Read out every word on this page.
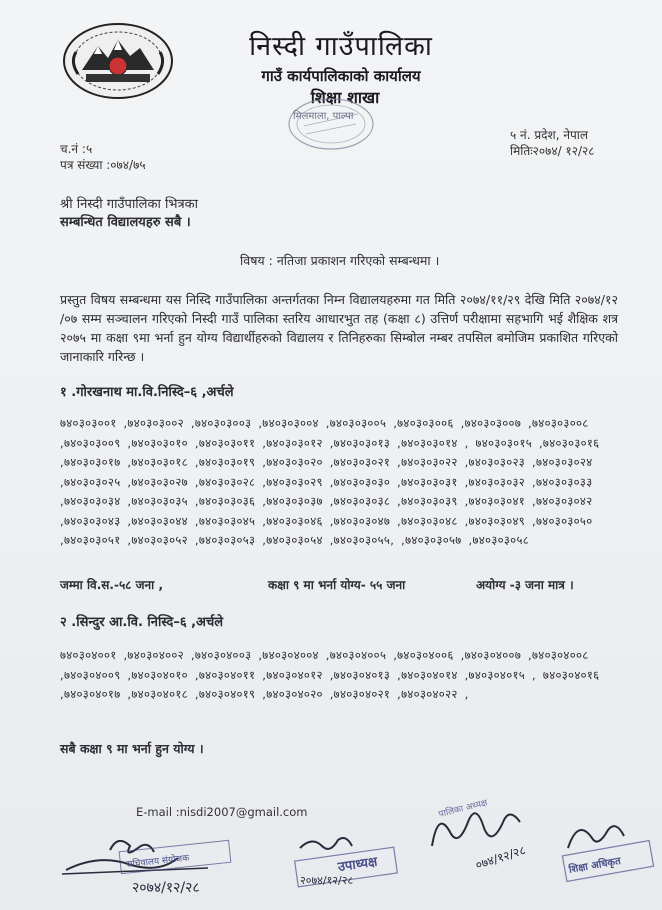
निस्दी गाउँपालिका
गाउँ कार्यपालिकाको कार्यालय
शिक्षा शाखा
मिलमाला, पाल्पा
च.नं :५
पत्र संख्या :०७४/७५
५ नं. प्रदेश, नेपाल
मितिः२०७४/ १२/२८
श्री निस्दी गाउँपालिका भित्रका
सम्बन्धित विद्यालयहरु सबै ।
विषय : नतिजा प्रकाशन गरिएको सम्बन्धमा ।
प्रस्तुत विषय सम्बन्धमा यस निस्दि गाउँपालिका अन्तर्गतका निम्न विद्यालयहरुमा गत मिति २०७४/११/२९ देखि मिति २०७४/१२ /०७ सम्म सञ्चालन गरिएको निस्दी गाउँ पालिका स्तरिय आधारभुत तह (कक्षा ८) उत्तिर्ण परीक्षामा सहभागि भई शैक्षिक शत्र २०७५ मा कक्षा ९मा भर्ना हुन योग्य विद्यार्थीहरुको विद्यालय र तिनिहरुका सिम्बोल नम्बर तपसिल बमोजिम प्रकाशित गरिएको जानाकारि गरिन्छ ।
१ .गोरखनाथ मा.वि.निस्दि–६ ,अर्चले
७४०३०३००१ ,७४०३०३००२ ,७४०३०३००३ ,७४०३०३००४ ,७४०३०३००५ ,७४०३०३००६ ,७४०३०३००७ ,७४०३०३००८ ,७४०३०३००९ ,७४०३०३०१० ,७४०३०३०११ ,७४०३०३०१२ ,७४०३०३०१३ ,७४०३०३०१४ , ७४०३०३०१५ ,७४०३०३०१६ ,७४०३०३०१७ ,७४०३०३०१८ ,७४०३०३०१९ ,७४०३०३०२० ,७४०३०३०२१ ,७४०३०३०२२ ,७४०३०३०२३ ,७४०३०३०२४ ,७४०३०३०२५ ,७४०३०३०२७ ,७४०३०३०२८ ,७४०३०३०२९ ,७४०३०३०३० ,७४०३०३०३१ ,७४०३०३०३२ ,७४०३०३०३३ ,७४०३०३०३४ ,७४०३०३०३५ ,७४०३०३०३६ ,७४०३०३०३७ ,७४०३०३०३८ ,७४०३०३०३९ ,७४०३०३०४१ ,७४०३०३०४२ ,७४०३०३०४३ ,७४०३०३०४४ ,७४०३०३०४५ ,७४०३०३०४६ ,७४०३०३०४७ ,७४०३०३०४८ ,७४०३०३०४९ ,७४०३०३०५० ,७४०३०३०५१ ,७४०३०३०५२ ,७४०३०३०५३ ,७४०३०३०५४ ,७४०३०३०५५, ,७४०३०३०५७ ,७४०३०३०५८
जम्मा वि.स.-५८ जना ,	कक्षा ९ मा भर्ना योग्य- ५५ जना	अयोग्य -३ जना मात्र ।
२ .सिन्दुर आ.वि. निस्दि–६ ,अर्चले
७४०३०४००१ ,७४०३०४००२ ,७४०३०४००३ ,७४०३०४००४ ,७४०३०४००५ ,७४०३०४००६ ,७४०३०४००७ ,७४०३०४००८ ,७४०३०४००९ ,७४०३०४०१० ,७४०३०४०११ ,७४०३०४०१२ ,७४०३०४०१३ ,७४०३०४०१४ ,७४०३०४०१५ , ७४०३०४०१६ ,७४०३०४०१७ ,७४०३०४०१८ ,७४०३०४०१९ ,७४०३०४०२० ,७४०३०४०२१ ,७४०३०४०२२ ,
सबै कक्षा ९ मा भर्ना हुन योग्य ।
E-mail :nisdi2007@gmail.com
सचिवालय संयोजक
२०७४/१२/२८
उपाध्यक्ष
२०७४/१२/२८
पालिका अध्यक्ष
०७४/१२/२८	शिक्षा अधिकृत
